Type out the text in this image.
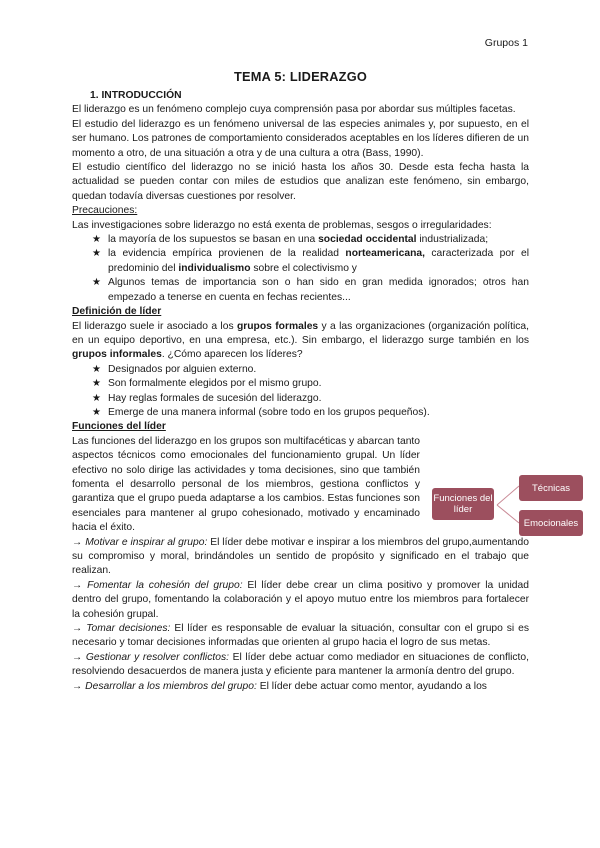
Grupos 1
TEMA 5: LIDERAZGO

1. INTRODUCCIÓN

El liderazgo es un fenómeno complejo cuya comprensión pasa por abordar sus múltiples facetas.

El estudio del liderazgo es un fenómeno universal de las especies animales y, por supuesto, en el ser humano. Los patrones de comportamiento considerados aceptables en los líderes difieren de un momento a otro, de una situación a otra y de una cultura a otra (Bass, 1990).

El estudio científico del liderazgo no se inició hasta los años 30. Desde esta fecha hasta la actualidad se pueden contar con miles de estudios que analizan este fenómeno, sin embargo, quedan todavía diversas cuestiones por resolver.

Precauciones:

Las investigaciones sobre liderazgo no está exenta de problemas, sesgos o irregularidades:

★ la mayoría de los supuestos se basan en una sociedad occidental industrializada;
★ la evidencia empírica provienen de la realidad norteamericana, caracterizada por el predominio del individualismo sobre el colectivismo y
★ Algunos temas de importancia son o han sido en gran medida ignorados; otros han empezado a tenerse en cuenta en fechas recientes...

Definición de líder

El liderazgo suele ir asociado a los grupos formales y a las organizaciones (organización política, en un equipo deportivo, en una empresa, etc.). Sin embargo, el liderazgo surge también en los grupos informales. ¿Cómo aparecen los líderes?

★ Designados por alguien externo.
★ Son formalmente elegidos por el mismo grupo.
★ Hay reglas formales de sucesión del liderazgo.
★ Emerge de una manera informal (sobre todo en los grupos pequeños).

Funciones del líder

Las funciones del liderazgo en los grupos son multifacéticas y abarcan tanto aspectos técnicos como emocionales del funcionamiento grupal. Un líder efectivo no solo dirige las actividades y toma decisiones, sino que también fomenta el desarrollo personal de los miembros, gestiona conflictos y garantiza que el grupo pueda adaptarse a los cambios. Estas funciones son esenciales para mantener al grupo cohesionado, motivado y encaminado hacia el éxito.

→ Motivar e inspirar al grupo: El líder debe motivar e inspirar a los miembros del grupo,aumentando su compromiso y moral, brindándoles un sentido de propósito y significado en el trabajo que realizan.

→ Fomentar la cohesión del grupo: El líder debe crear un clima positivo y promover la unidad dentro del grupo, fomentando la colaboración y el apoyo mutuo entre los miembros para fortalecer la cohesión grupal.

→ Tomar decisiones: El líder es responsable de evaluar la situación, consultar con el grupo si es necesario y tomar decisiones informadas que orienten al grupo hacia el logro de sus metas.

→ Gestionar y resolver conflictos: El líder debe actuar como mediador en situaciones de conflicto, resolviendo desacuerdos de manera justa y eficiente para mantener la armonía dentro del grupo.

→ Desarrollar a los miembros del grupo: El líder debe actuar como mentor, ayudando a los

Funciones del líder
Técnicas
Emocionales
